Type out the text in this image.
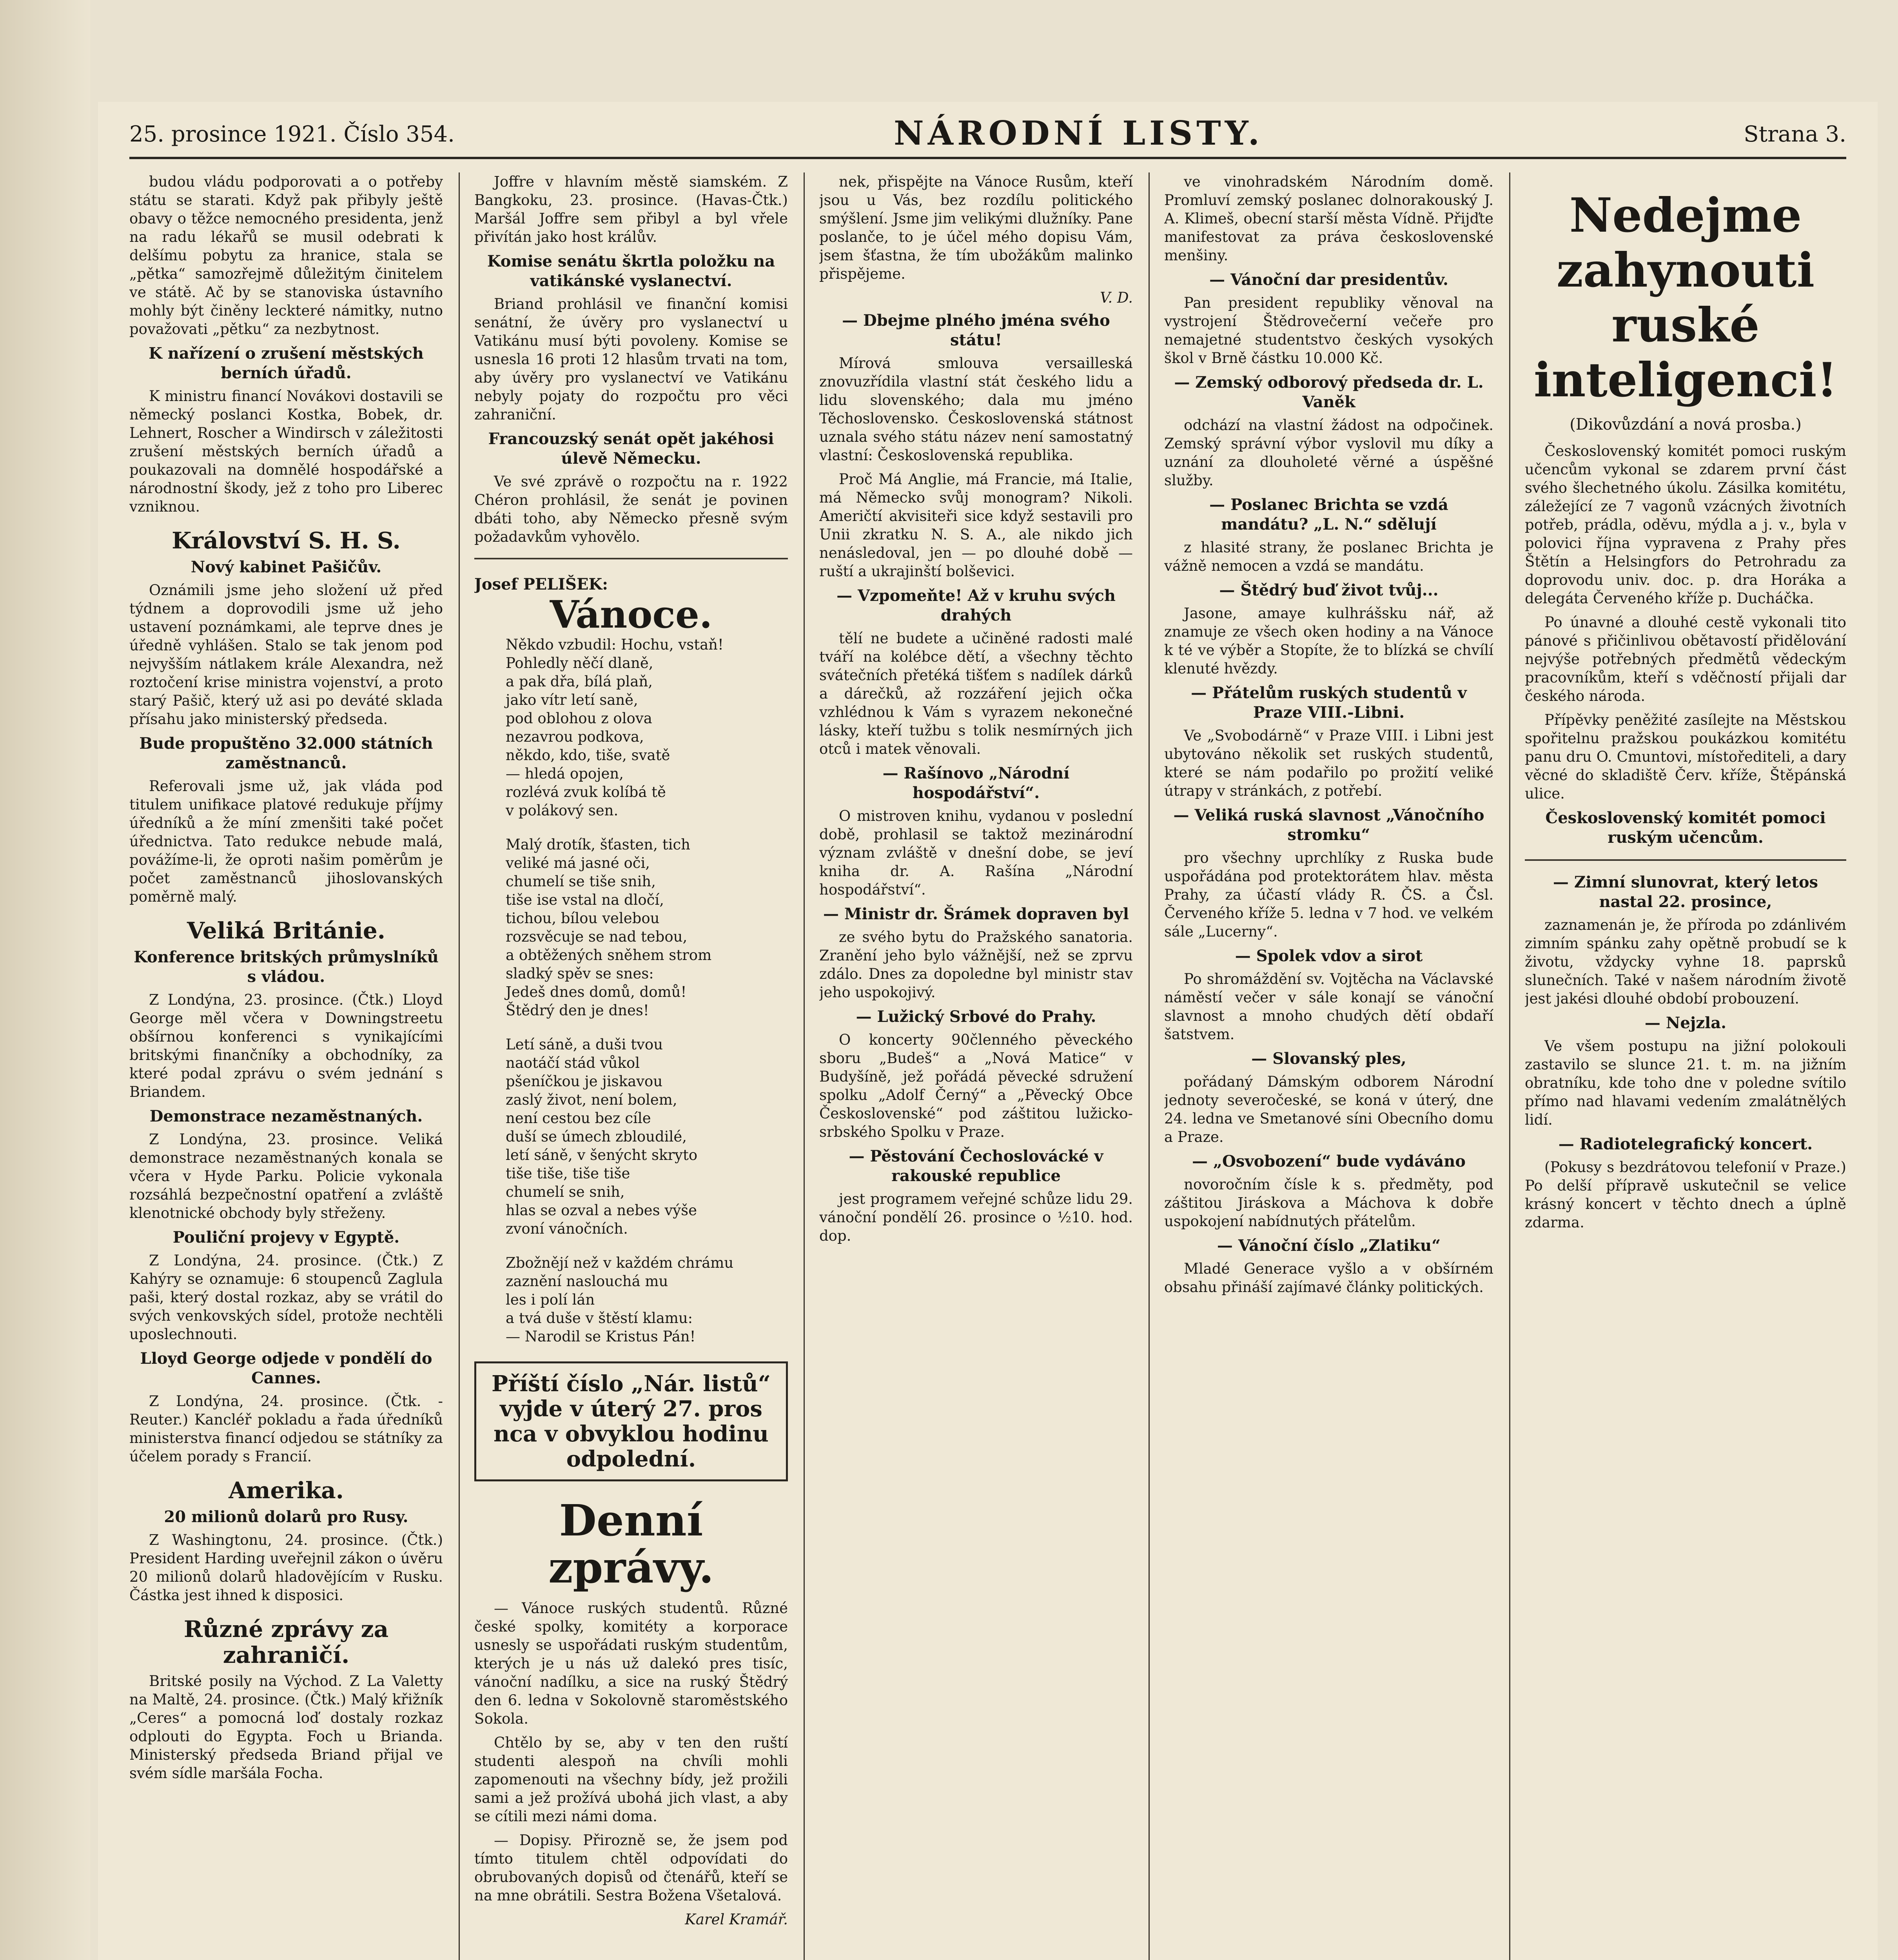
25. prosince 1921. Číslo 354.	NÁRODNÍ LISTY.	Strana 3.

budou vládu podporovati a o potřeby státu se starati. Když pak přibyly ještě obavy o těžce nemocného presidenta, jenž na radu lékařů se musil odebrati k delšímu pobytu za hranice, stala se „pětka“ samozřejmě důležitým činitelem ve státě. Ač by se stanoviska ústavního mohly být činěny leckteré námitky, nutno považovati „pětku“ za nezbytnost.

K nařízení o zrušení městských berních úřadů.

K ministru financí Novákovi dostavili se německý poslanci Kostka, Bobek, dr. Lehnert, Roscher a Windirsch v záležitosti zrušení městských berních úřadů a poukazovali na domnělé hospodářské a národnostní škody, jež z toho pro Liberec vzniknou.

Království S. H. S.
Nový kabinet Pašičův.

Oznámili jsme jeho složení už před týdnem a doprovodili jsme už jeho ustavení poznámkami, ale teprve dnes je úředně vyhlášen. Stalo se tak jenom pod nejvyšším nátlakem krále Alexandra, než roztočení krise ministra vojenství, a proto starý Pašič, který už asi po deváté sklada přísahu jako ministerský předseda.

Bude propuštěno 32.000 státních zaměstnanců.

Referovali jsme už, jak vláda pod titulem unifikace platové redukuje příjmy úředníků a že míní zmenšiti také počet úřednictva. Tato redukce nebude malá, povážíme-li, že oproti našim poměrům je počet zaměstnanců jihoslovanských poměrně malý.

Veliká Británie.
Konference britských průmyslníků s vládou.

Z Londýna, 23. prosince. (Čtk.) Lloyd George měl včera v Downingstreetu obšírnou konferenci s vynikajícími britskými finančníky a obchodníky, za které podal zprávu o svém jednání s Briandem.

Demonstrace nezaměstnaných.

Z Londýna, 23. prosince. Veliká demonstrace nezaměstnaných konala se včera v Hyde Parku. Policie vykonala rozsáhlá bezpečnostní opatření a zvláště klenotnické obchody byly střeženy.

Pouliční projevy v Egyptě.

Z Londýna, 24. prosince. (Čtk.) Z Kahýry se oznamuje: 6 stoupenců Zaglula paši, který dostal rozkaz, aby se vrátil do svých venkovských sídel, protože nechtěli uposlechnouti.

Lloyd George odjede v pondělí do Cannes.

Z Londýna, 24. prosince. (Čtk. - Reuter.) Kancléř pokladu a řada úředníků ministerstva financí odjedou se státníky za účelem porady s Francií.

Amerika.
20 milionů dolarů pro Rusy.

Z Washingtonu, 24. prosince. (Čtk.) President Harding uveřejnil zákon o úvěru 20 milionů dolarů hladovějícím v Rusku. Částka jest ihned k disposici.

Různé zprávy za zahraničí.

Britské posily na Východ. Z La Valetty na Maltě, 24. prosince. (Čtk.) Malý křižník „Ceres“ a pomocná loď dostaly rozkaz odplouti do Egypta. Foch u Brianda. Ministerský předseda Briand přijal ve svém sídle maršála Focha.

Joffre v hlavním městě siamském. Z Bangkoku, 23. prosince. (Havas-Čtk.) Maršál Joffre sem přibyl a byl vřele přivítán jako host králův.

Komise senátu škrtla položku na vatikánské vyslanectví.

Briand prohlásil ve finanční komisi senátní, že úvěry pro vyslanectví u Vatikánu musí býti povoleny. Komise se usnesla 16 proti 12 hlasům trvati na tom, aby úvěry pro vyslanectví ve Vatikánu nebyly pojaty do rozpočtu pro věci zahraniční.

Francouzský senát opět jakéhosi úlevě Německu.

Ve své zprávě o rozpočtu na r. 1922 Chéron prohlásil, že senát je povinen dbáti toho, aby Německo přesně svým požadavkům vyhovělo.

Josef PELIŠEK:
Vánoce.

Někdo vzbudil: Hochu, vstaň!
Pohledly něčí dlaně,
a pak dřa, bílá plaň,
jako vítr letí saně,
pod oblohou z olova
nezavrou podkova,
někdo, kdo, tiše, svatě
— hledá opojen,
rozlévá zvuk kolíbá tě
v polákový sen.

Malý drotík, šťasten, tich
veliké má jasné oči,
chumelí se tiše snih,
tiše ise vstal na dločí,
tichou, bílou velebou
rozsvěcuje se nad tebou,
a obtěžených sněhem strom
sladký spěv se snes:
Jedeš dnes domů, domů!
Štědrý den je dnes!

Letí sáně, a duši tvou
naotáčí stád vůkol
pšeníčkou je jiskavou
zaslý život, není bolem,
není cestou bez cíle
duší se úmech zbloudilé,
letí sáně, v šenýcht skryto
tiše tiše, tiše tiše
chumelí se snih,
hlas se ozval a nebes výše
zvoní vánočních.

Zbožnějí než v každém chrámu
zaznění naslouchá mu
les i polí lán
a tvá duše v štěstí klamu:
— Narodil se Kristus Pán!

Příští číslo „Nár. listů“ vyjde v úterý 27. pros nca v obvyklou hodinu odpolední.
Denní zprávy.

— Vánoce ruských studentů. Různé české spolky, komitéty a korporace usnesly se uspořádati ruským studentům, kterých je u nás už dalekó pres tisíc, vánoční nadílku, a sice na ruský Štědrý den 6. ledna v Sokolovně staroměstského Sokola.

Chtělo by se, aby v ten den ruští studenti alespoň na chvíli mohli zapomenouti na všechny bídy, jež prožili sami a jež prožívá ubohá jich vlast, a aby se cítili mezi námi doma.

— Dopisy. Přirozně se, že jsem pod tímto titulem chtěl odpovídati do obrubovaných dopisů od čtenářů, kteří se na mne obrátili. Sestra Božena Všetalová.

Karel Kramář.

nek, přispějte na Vánoce Rusům, kteří jsou u Vás, bez rozdílu politického smýšlení. Jsme jim velikými dlužníky. Pane poslanče, to je účel mého dopisu Vám, jsem šťastna, že tím ubožákům malinko přispějeme.

V. D.
— Dbejme plného jména svého státu!

Mírová smlouva versailleská znovuzřídila vlastní stát českého lidu a lidu slovenského; dala mu jméno Těchoslovensko. Československá státnost uznala svého státu název není samostatný vlastní: Československá republika.

Proč Má Anglie, má Francie, má Italie, má Německo svůj monogram? Nikoli. Američtí akvisiteři sice když sestavili pro Unii zkratku N. S. A., ale nikdo jich nenásledoval, jen — po dlouhé době — ruští a ukrajinští bolševici.

— Vzpomeňte! Až v kruhu svých drahých

tělí ne budete a učiněné radosti malé tváří na kolébce dětí, a všechny těchto svátečních přetéká tišťem s nadílek dárků a dárečků, až rozzáření jejich očka vzhlédnou k Vám s vyrazem nekonečné lásky, kteří tužbu s tolik nesmírných jich otců i matek věnovali.

— Rašínovo „Národní hospodářství“.

O mistroven knihu, vydanou v poslední době, prohlasil se taktož mezinárodní význam zvláště v dnešní dobe, se jeví kniha dr. A. Rašína „Národní hospodářství“.

— Ministr dr. Šrámek dopraven byl

ze svého bytu do Pražského sanatoria. Zranění jeho bylo vážnější, než se zprvu zdálo. Dnes za dopoledne byl ministr stav jeho uspokojivý.

— Lužický Srbové do Prahy.

O koncerty 90členného pěveckého sboru „Budeš“ a „Nová Matice“ v Budyšíně, jež pořádá pěvecké sdružení spolku „Adolf Černý“ a „Pěvecký Obce Československé“ pod záštitou lužicko-srbského Spolku v Praze.

— Pěstování Čechoslovácké v rakouské republice

jest programem veřejné schůze lidu 29. vánoční pondělí 26. prosince o ½10. hod. dop.

ve vinohradském Národním domě. Promluví zemský poslanec dolnorakouský J. A. Klimeš, obecní starší města Vídně. Přijďte manifestovat za práva československé menšiny.

— Vánoční dar presidentův.

Pan president republiky věnoval na vystrojení Štědrovečerní večeře pro nemajetné studentstvo českých vysokých škol v Brně částku 10.000 Kč.

— Zemský odborový předseda dr. L. Vaněk

odchází na vlastní žádost na odpočinek. Zemský správní výbor vyslovil mu díky a uznání za dlouholeté věrné a úspěšné služby.

— Poslanec Brichta se vzdá mandátu? „L. N.“ sdělují

z hlasité strany, že poslanec Brichta je vážně nemocen a vzdá se mandátu.

— Štědrý buď život tvůj...

Jasone, amaye kulhrášsku nář, až znamuje ze všech oken hodiny a na Vánoce k té ve výběr a Stopíte, že to blízká se chvílí klenuté hvězdy.

— Přátelům ruských studentů v Praze VIII.-Libni.

Ve „Svobodárně“ v Praze VIII. i Libni jest ubytováno několik set ruských studentů, které se nám podařilo po prožití veliké útrapy v stránkách, z potřebí.

— Veliká ruská slavnost „Vánočního stromku“

pro všechny uprchlíky z Ruska bude uspořádána pod protektorátem hlav. města Prahy, za účastí vlády R. ČS. a Čsl. Červeného kříže 5. ledna v 7 hod. ve velkém sále „Lucerny“.

— Spolek vdov a sirot

Po shromáždění sv. Vojtěcha na Václavské náměstí večer v sále konají se vánoční slavnost a mnoho chudých dětí obdaří šatstvem.

— Slovanský ples,

pořádaný Dámským odborem Národní jednoty severočeské, se koná v úterý, dne 24. ledna ve Smetanové síni Obecního domu a Praze.

— „Osvobození“ bude vydáváno

novoročním čísle k s. předměty, pod záštitou Jiráskova a Máchova k dobře uspokojení nabídnutých přátelům.

— Vánoční číslo „Zlatiku“

Mladé Generace vyšlo a v obšírném obsahu přináší zajímavé články politických.

Nedejme zahynouti ruské inteligenci!
(Dikovůzdání a nová prosba.)

Československý komitét pomoci ruským učencům vykonal se zdarem první část svého šlechetného úkolu. Zásilka komitétu, záležející ze 7 vagonů vzácných životních potřeb, prádla, oděvu, mýdla a j. v., byla v polovici října vypravena z Prahy přes Štětín a Helsingfors do Petrohradu za doprovodu univ. doc. p. dra Horáka a delegáta Červeného kříže p. Ducháčka.

Po únavné a dlouhé cestě vykonali tito pánové s přičinlivou obětavostí přidělování nejvýše potřebných předmětů vědeckým pracovníkům, kteří s vděčností přijali dar českého národa.

Přípěvky peněžité zasílejte na Městskou spořitelnu pražskou poukázkou komitétu panu dru O. Cmuntovi, místořediteli, a dary věcné do skladiště Červ. kříže, Štěpánská ulice.

Československý komitét pomoci ruským učencům.
— Zimní slunovrat, který letos nastal 22. prosince,

zaznamenán je, že příroda po zdánlivém zimním spánku zahy opětně probudí se k životu, vždycky vyhne 18. paprsků slunečních. Také v našem národním životě jest jakési dlouhé období probouzení.

— Nejzla.

Ve všem postupu na jižní polokouli zastavilo se slunce 21. t. m. na jižním obratníku, kde toho dne v poledne svítilo přímo nad hlavami vedením zmalátnělých lidí.

— Radiotelegrafický koncert.

(Pokusy s bezdrátovou telefonií v Praze.) Po delší přípravě uskutečnil se velice krásný koncert v těchto dnech a úplně zdarma.
